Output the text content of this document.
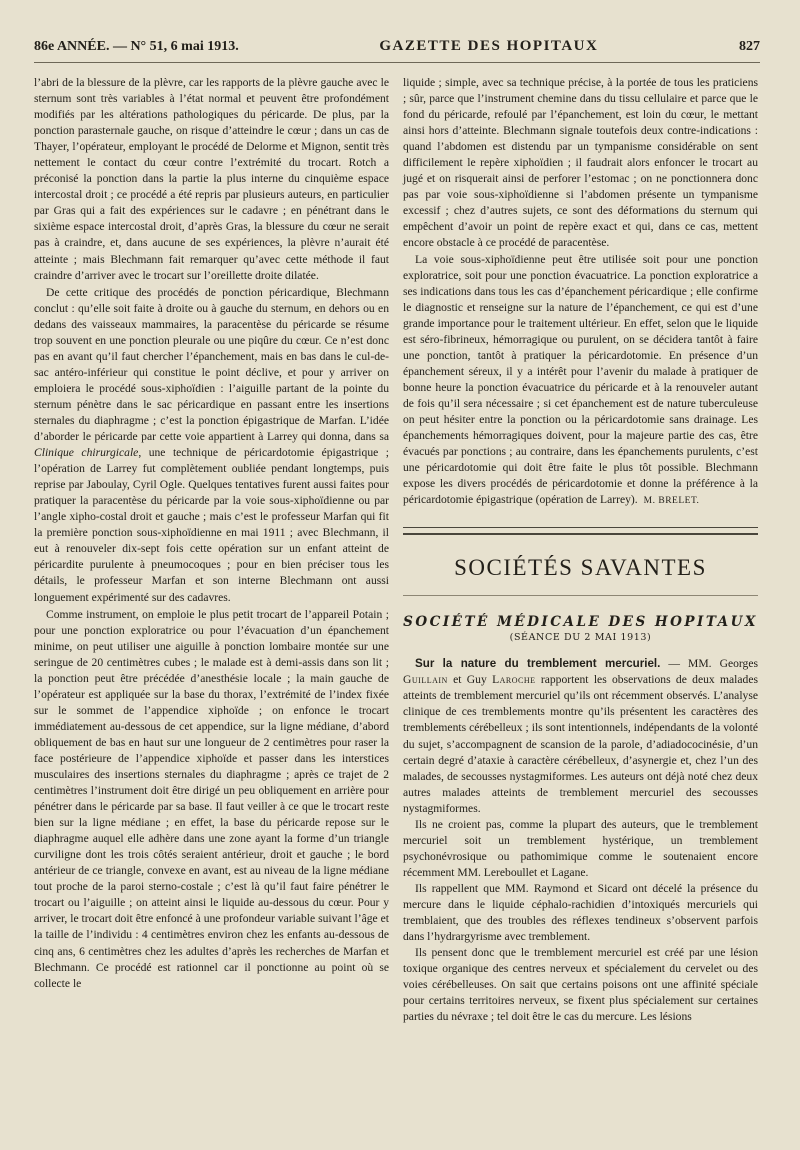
86e ANNÉE. — N° 51, 6 mai 1913.	GAZETTE DES HOPITAUX	827

l’abri de la blessure de la plèvre, car les rapports de la plèvre gauche avec le sternum sont très variables à l’état normal et peuvent être profondément modifiés par les altérations pathologiques du péricarde. De plus, par la ponction parasternale gauche, on risque d’atteindre le cœur ; dans un cas de Thayer, l’opérateur, employant le procédé de Delorme et Mignon, sentit très nettement le contact du cœur contre l’extrémité du trocart. Rotch a préconisé la ponction dans la partie la plus interne du cinquième espace intercostal droit ; ce procédé a été repris par plusieurs auteurs, en particulier par Gras qui a fait des expériences sur le cadavre ; en pénétrant dans le sixième espace intercostal droit, d’après Gras, la blessure du cœur ne serait pas à craindre, et, dans aucune de ses expériences, la plèvre n’aurait été atteinte ; mais Blechmann fait remarquer qu’avec cette méthode il faut craindre d’arriver avec le trocart sur l’oreillette droite dilatée.

De cette critique des procédés de ponction péricardique, Blechmann conclut : qu’elle soit faite à droite ou à gauche du sternum, en dehors ou en dedans des vaisseaux mammaires, la paracentèse du péricarde se résume trop souvent en une ponction pleurale ou une piqûre du cœur. Ce n’est donc pas en avant qu’il faut chercher l’épanchement, mais en bas dans le cul-de-sac antéro-inférieur qui constitue le point déclive, et pour y arriver on emploiera le procédé sous-xiphoïdien : l’aiguille partant de la pointe du sternum pénètre dans le sac péricardique en passant entre les insertions sternales du diaphragme ; c’est la ponction épigastrique de Marfan. L’idée d’aborder le péricarde par cette voie appartient à Larrey qui donna, dans sa Clinique chirurgicale, une technique de péricardotomie épigastrique ; l’opération de Larrey fut complètement oubliée pendant longtemps, puis reprise par Jaboulay, Cyril Ogle. Quelques tentatives furent aussi faites pour pratiquer la paracentèse du péricarde par la voie sous-xiphoïdienne ou par l’angle xipho-costal droit et gauche ; mais c’est le professeur Marfan qui fit la première ponction sous-xiphoïdienne en mai 1911 ; avec Blechmann, il eut à renouveler dix-sept fois cette opération sur un enfant atteint de péricardite purulente à pneumocoques ; pour en bien préciser tous les détails, le professeur Marfan et son interne Blechmann ont aussi longuement expérimenté sur des cadavres.

Comme instrument, on emploie le plus petit trocart de l’appareil Potain ; pour une ponction exploratrice ou pour l’évacuation d’un épanchement minime, on peut utiliser une aiguille à ponction lombaire montée sur une seringue de 20 centimètres cubes ; le malade est à demi-assis dans son lit ; la ponction peut être précédée d’anesthésie locale ; la main gauche de l’opérateur est appliquée sur la base du thorax, l’extrémité de l’index fixée sur le sommet de l’appendice xiphoïde ; on enfonce le trocart immédiatement au-dessous de cet appendice, sur la ligne médiane, d’abord obliquement de bas en haut sur une longueur de 2 centimètres pour raser la face postérieure de l’appendice xiphoïde et passer dans les interstices musculaires des insertions sternales du diaphragme ; après ce trajet de 2 centimètres l’instrument doit être dirigé un peu obliquement en arrière pour pénétrer dans le péricarde par sa base. Il faut veiller à ce que le trocart reste bien sur la ligne médiane ; en effet, la base du péricarde repose sur le diaphragme auquel elle adhère dans une zone ayant la forme d’un triangle curviligne dont les trois côtés seraient antérieur, droit et gauche ; le bord antérieur de ce triangle, convexe en avant, est au niveau de la ligne médiane tout proche de la paroi sterno-costale ; c’est là qu’il faut faire pénétrer le trocart ou l’aiguille ; on atteint ainsi le liquide au-dessous du cœur. Pour y arriver, le trocart doit être enfoncé à une profondeur variable suivant l’âge et la taille de l’individu : 4 centimètres environ chez les enfants au-dessous de cinq ans, 6 centimètres chez les adultes d’après les recherches de Marfan et Blechmann. Ce procédé est rationnel car il ponctionne au point où se collecte le

liquide ; simple, avec sa technique précise, à la portée de tous les praticiens ; sûr, parce que l’instrument chemine dans du tissu cellulaire et parce que le fond du péricarde, refoulé par l’épanchement, est loin du cœur, le mettant ainsi hors d’atteinte. Blechmann signale toutefois deux contre-indications : quand l’abdomen est distendu par un tympanisme considérable on sent difficilement le repère xiphoïdien ; il faudrait alors enfoncer le trocart au jugé et on risquerait ainsi de perforer l’estomac ; on ne ponctionnera donc pas par voie sous-xiphoïdienne si l’abdomen présente un tympanisme excessif ; chez d’autres sujets, ce sont des déformations du sternum qui empêchent d’avoir un point de repère exact et qui, dans ce cas, mettent encore obstacle à ce procédé de paracentèse.

La voie sous-xiphoïdienne peut être utilisée soit pour une ponction exploratrice, soit pour une ponction évacuatrice. La ponction exploratrice a ses indications dans tous les cas d’épanchement péricardique ; elle confirme le diagnostic et renseigne sur la nature de l’épanchement, ce qui est d’une grande importance pour le traitement ultérieur. En effet, selon que le liquide est séro-fibrineux, hémorragique ou purulent, on se décidera tantôt à faire une ponction, tantôt à pratiquer la péricardotomie. En présence d’un épanchement séreux, il y a intérêt pour l’avenir du malade à pratiquer de bonne heure la ponction évacuatrice du péricarde et à la renouveler autant de fois qu’il sera nécessaire ; si cet épanchement est de nature tuberculeuse on peut hésiter entre la ponction ou la péricardotomie sans drainage. Les épanchements hémorragiques doivent, pour la majeure partie des cas, être évacués par ponctions ; au contraire, dans les épanchements purulents, c’est une péricardotomie qui doit être faite le plus tôt possible. Blechmann expose les divers procédés de péricardotomie et donne la préférence à la péricardotomie épigastrique (opération de Larrey). M. BRELET.

SOCIÉTÉS SAVANTES
SOCIÉTÉ MÉDICALE DES HOPITAUX
(SÉANCE DU 2 MAI 1913)

Sur la nature du tremblement mercuriel. — MM. Georges Guillain et Guy Laroche rapportent les observations de deux malades atteints de tremblement mercuriel qu’ils ont récemment observés. L’analyse clinique de ces tremblements montre qu’ils présentent les caractères des tremblements cérébelleux ; ils sont intentionnels, indépendants de la volonté du sujet, s’accompagnent de scansion de la parole, d’adiadococinésie, d’un certain degré d’ataxie à caractère cérébelleux, d’asynergie et, chez l’un des malades, de secousses nystagmiformes. Les auteurs ont déjà noté chez deux autres malades atteints de tremblement mercuriel des secousses nystagmiformes.

Ils ne croient pas, comme la plupart des auteurs, que le tremblement mercuriel soit un tremblement hystérique, un tremblement psychonévrosique ou pathomimique comme le soutenaient encore récemment MM. Lereboullet et Lagane.

Ils rappellent que MM. Raymond et Sicard ont décelé la présence du mercure dans le liquide céphalo-rachidien d’intoxiqués mercuriels qui tremblaient, que des troubles des réflexes tendineux s’observent parfois dans l’hydrargyrisme avec tremblement.

Ils pensent donc que le tremblement mercuriel est créé par une lésion toxique organique des centres nerveux et spécialement du cervelet ou des voies cérébelleuses. On sait que certains poisons ont une affinité spéciale pour certains territoires nerveux, se fixent plus spécialement sur certaines parties du névraxe ; tel doit être le cas du mercure. Les lésions
